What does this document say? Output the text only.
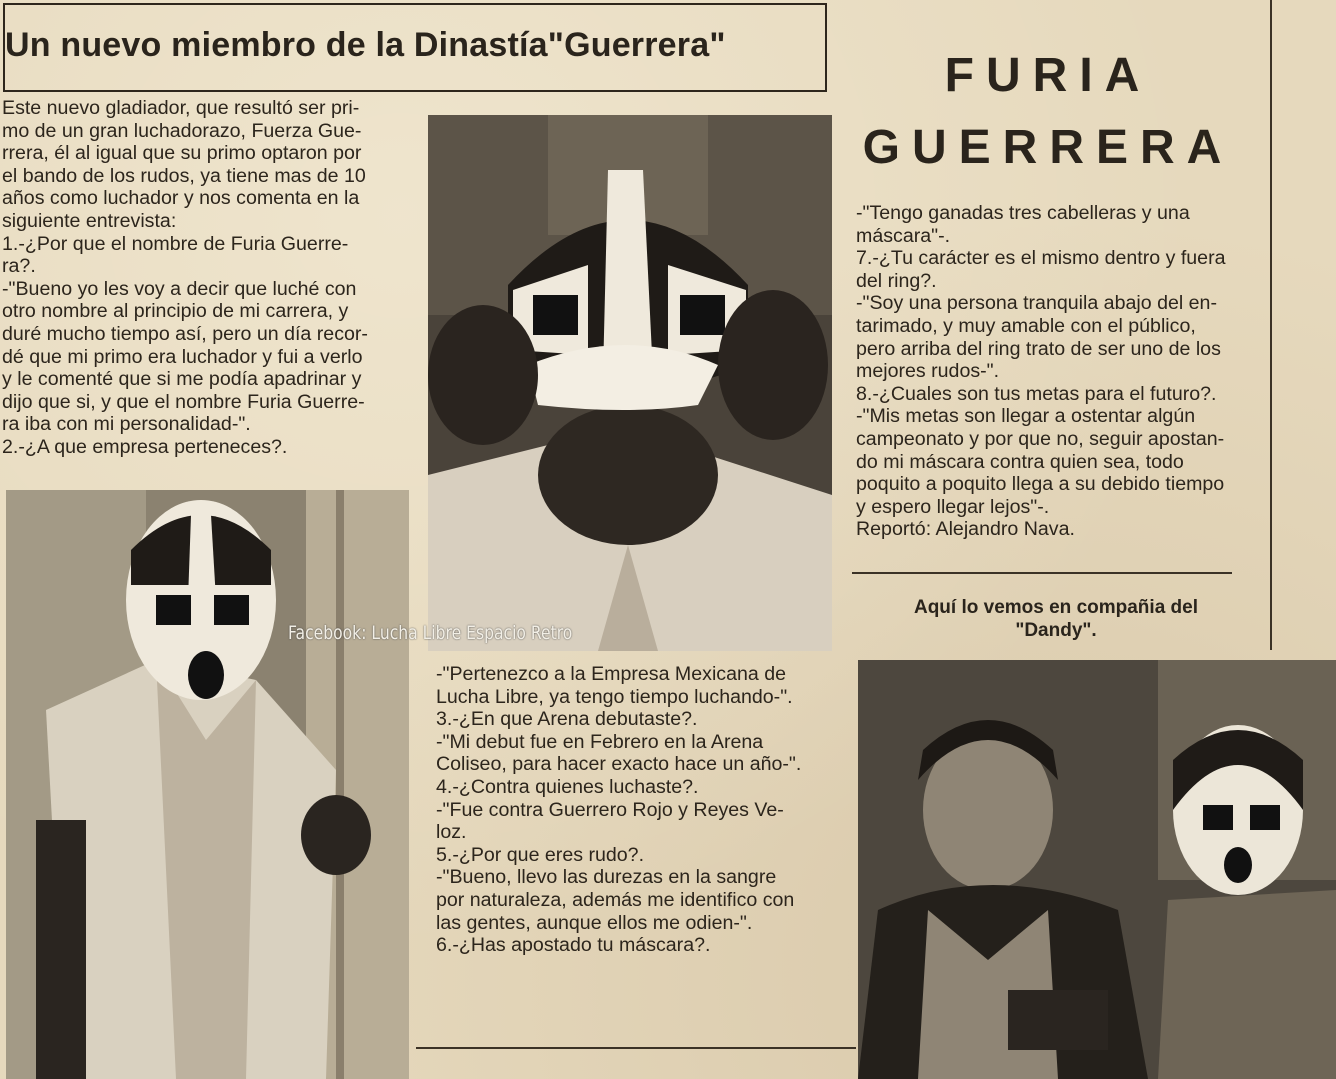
Un nuevo miembro de la Dinastía"Guerrera"
FURIA
GUERRERA
Este nuevo gladiador, que resultó ser pri-
mo de un gran luchadorazo, Fuerza Gue-
rrera, él al igual que su primo optaron por
el bando de los rudos, ya tiene mas de 10
años como luchador y nos comenta en la
siguiente entrevista:
1.-¿Por que el nombre de Furia Guerre-
ra?.
-"Bueno yo les voy a decir que luché con
otro nombre al principio de mi carrera, y
duré mucho tiempo así, pero un día recor-
dé que mi primo era luchador y fui a verlo
y le comenté que si me podía apadrinar y
dijo que si, y que el nombre Furia Guerre-
ra iba con mi personalidad-".
2.-¿A que empresa perteneces?.
-"Pertenezco a la Empresa Mexicana de
Lucha Libre, ya tengo tiempo luchando-".
3.-¿En que Arena debutaste?.
-"Mi debut fue en Febrero en la Arena
Coliseo, para hacer exacto hace un año-".
4.-¿Contra quienes luchaste?.
-"Fue contra Guerrero Rojo y Reyes Ve-
loz.
5.-¿Por que eres rudo?.
-"Bueno, llevo las durezas en la sangre
por naturaleza, además me identifico con
las gentes, aunque ellos me odien-".
6.-¿Has apostado tu máscara?.
-"Tengo ganadas tres cabelleras y una
máscara"-.
7.-¿Tu carácter es el mismo dentro y fuera
del ring?.
-"Soy una persona tranquila abajo del en-
tarimado, y muy amable con el público,
pero arriba del ring trato de ser uno de los
mejores rudos-".
8.-¿Cuales son tus metas para el futuro?.
-"Mis metas son llegar a ostentar algún
campeonato y por que no, seguir apostan-
do mi máscara contra quien sea, todo
poquito a poquito llega a su debido tiempo
y espero llegar lejos"-.
Reportó: Alejandro Nava.
Aquí lo vemos en compañia del
"Dandy".
Facebook: Lucha Libre Espacio Retro
